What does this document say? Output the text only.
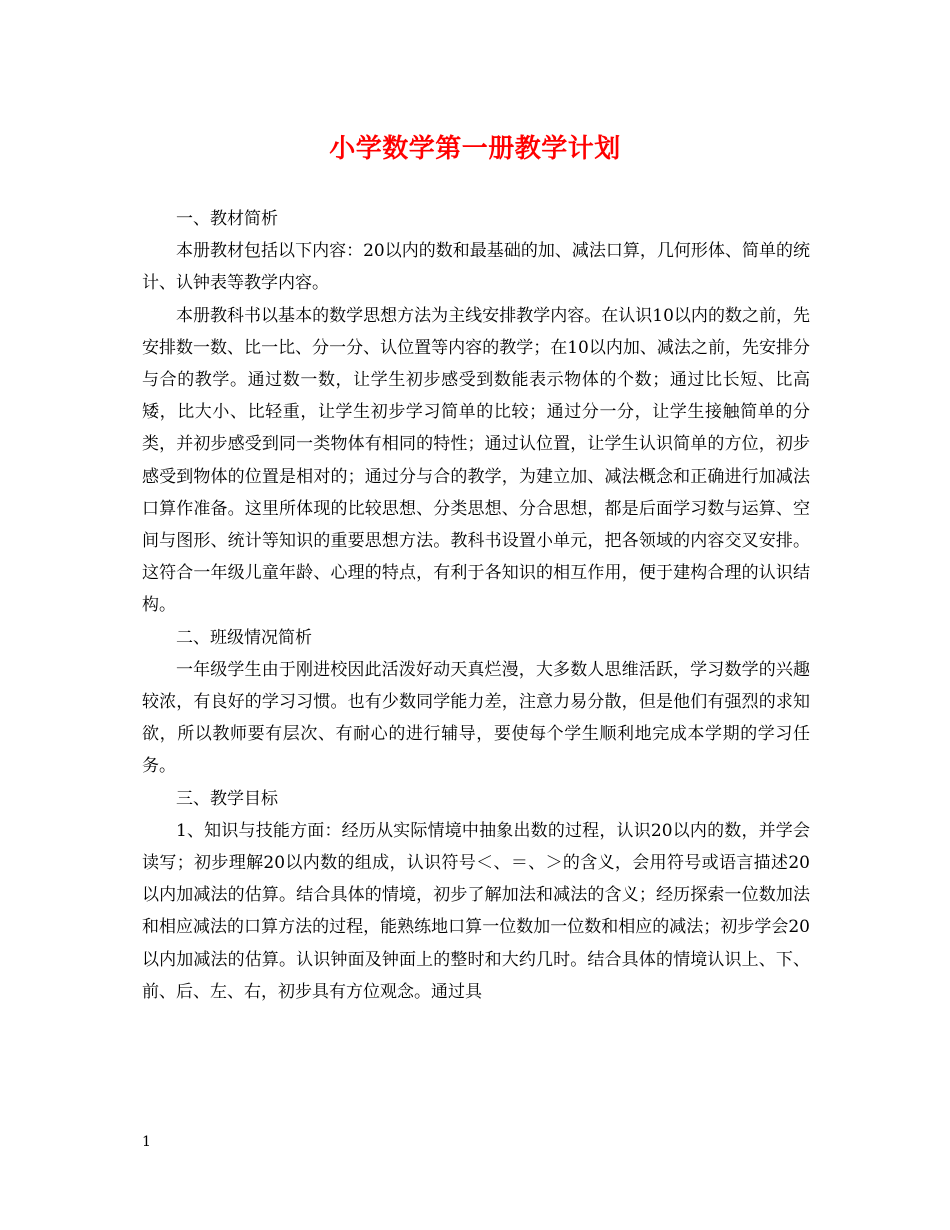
小学数学第一册教学计划

一、教材简析

本册教材包括以下内容：20以内的数和最基础的加、减法口算，几何形体、简单的统计、认钟表等教学内容。

本册教科书以基本的数学思想方法为主线安排教学内容。在认识10以内的数之前，先安排数一数、比一比、分一分、认位置等内容的教学；在10以内加、减法之前，先安排分与合的教学。通过数一数，让学生初步感受到数能表示物体的个数；通过比长短、比高矮，比大小、比轻重，让学生初步学习简单的比较；通过分一分，让学生接触简单的分类，并初步感受到同一类物体有相同的特性；通过认位置，让学生认识简单的方位，初步感受到物体的位置是相对的；通过分与合的教学，为建立加、减法概念和正确进行加减法口算作准备。这里所体现的比较思想、分类思想、分合思想，都是后面学习数与运算、空间与图形、统计等知识的重要思想方法。教科书设置小单元，把各领域的内容交叉安排。这符合一年级儿童年龄、心理的特点，有利于各知识的相互作用，便于建构合理的认识结构。

二、班级情况简析

一年级学生由于刚进校因此活泼好动天真烂漫，大多数人思维活跃，学习数学的兴趣较浓，有良好的学习习惯。也有少数同学能力差，注意力易分散，但是他们有强烈的求知欲，所以教师要有层次、有耐心的进行辅导，要使每个学生顺利地完成本学期的学习任务。

三、教学目标

1、知识与技能方面：经历从实际情境中抽象出数的过程，认识20以内的数，并学会读写；初步理解20以内数的组成，认识符号＜、＝、＞的含义，会用符号或语言描述20以内加减法的估算。结合具体的情境，初步了解加法和减法的含义；经历探索一位数加法和相应减法的口算方法的过程，能熟练地口算一位数加一位数和相应的减法；初步学会20以内加减法的估算。认识钟面及钟面上的整时和大约几时。结合具体的情境认识上、下、前、后、左、右，初步具有方位观念。通过具

1
